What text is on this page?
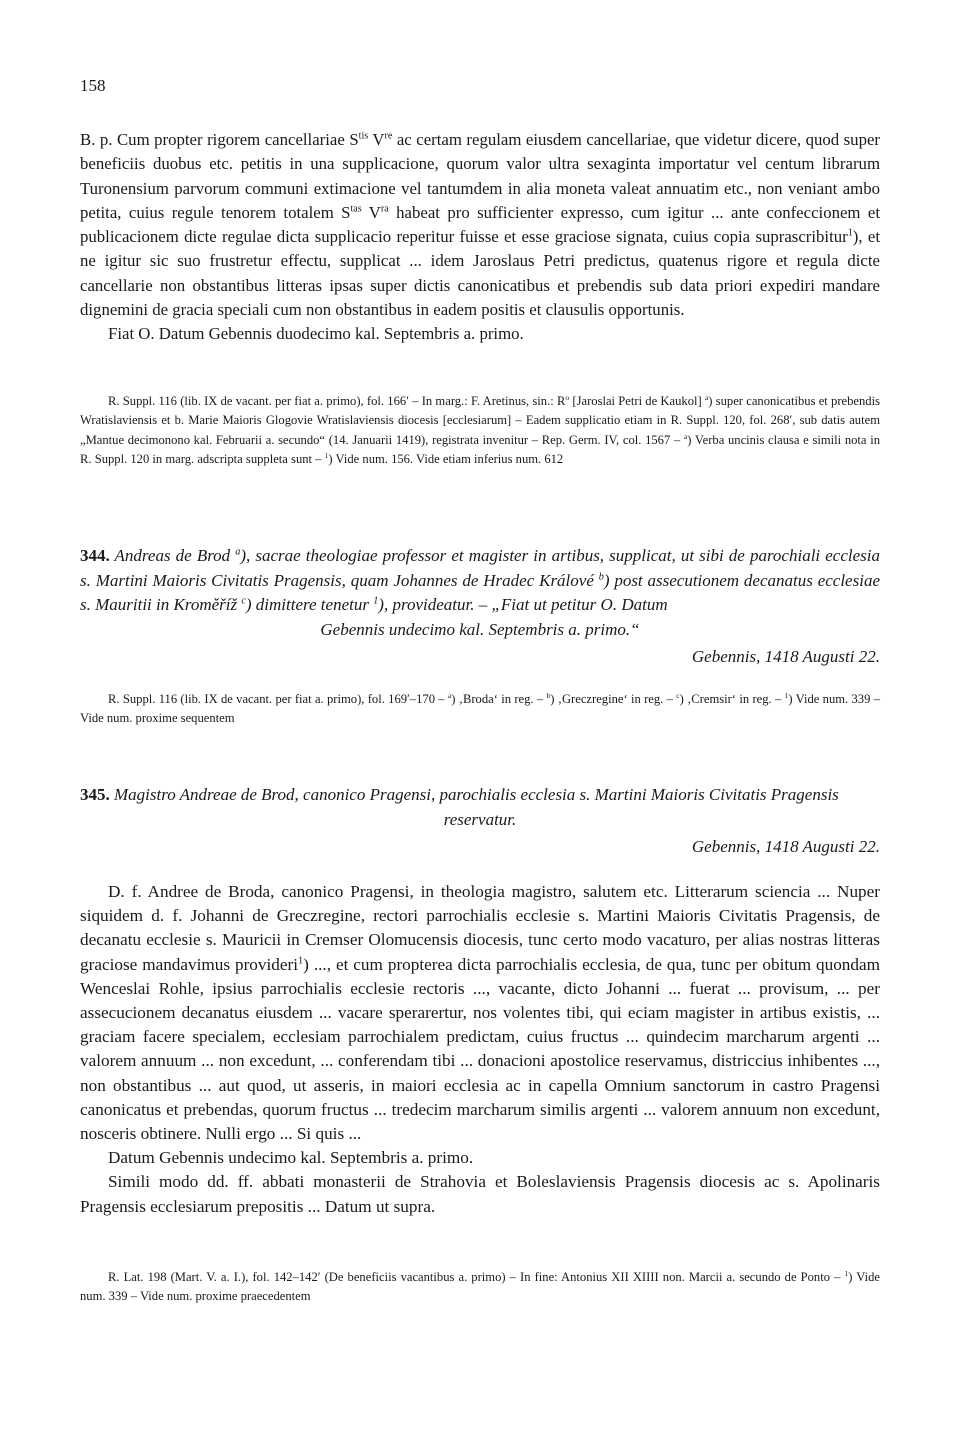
158

B. p. Cum propter rigorem cancellariae $S^{tis}$ Vre ac certam regulam eiusdem cancellariae, que videtur dicere, quod super beneficiis duobus etc. petitis in una supplicacione, quorum valor ultra sexaginta importatur vel centum librarum Turonensium parvorum communi extimacione vel tantumdem in alia moneta valeat annuatim etc., non veniant ambo petita, cuius regule tenorem totalem $S^{tas}$ $V^{ra}$ habeat pro sufficienter expresso, cum igitur ... ante confeccionem et publicacionem dicte regulae dicta supplicacio reperitur fuisse et esse graciose signata, cuius copia suprascribitur$^1$), et ne igitur sic suo frustretur effectu, supplicat ... idem Jaroslaus Petri predictus, quatenus rigore et regula dicte cancellarie non obstantibus litteras ipsas super dictis canonicatibus et prebendis sub data priori expediri mandare dignemini de gracia speciali cum non obstantibus in eadem positis et clausulis opportunis.

Fiat O. Datum Gebennis duodecimo kal. Septembris a. primo.

R. Suppl. 116 (lib. IX de vacant. per fiat a. primo), fol. 166′ – In marg.: F. Aretinus, sin.: $R^o$ [Jaroslai Petri de Kaukol] $^a$) super canonicatibus et prebendis Wratislaviensis et b. Marie Maioris Glogovie Wratislaviensis diocesis [ecclesiarum] – Eadem supplicatio etiam in R. Suppl. 120, fol. 268′, sub datis autem „Mantue decimonono kal. Februarii a. secundo“ (14. Januarii 1419), registrata invenitur – Rep. Germ. IV, col. 1567 – $^a$) Verba uncinis clausa e simili nota in R. Suppl. 120 in marg. adscripta suppleta sunt – $^1$) Vide num. 156. Vide etiam inferius num. 612

344. Andreas de Brod $^a$), sacrae theologiae professor et magister in artibus, supplicat, ut sibi de parochiali ecclesia s. Martini Maioris Civitatis Pragensis, quam Johannes de Hradec Králové $^b$) post assecutionem decanatus ecclesiae s. Mauritii in Kroměříž $^c$) dimittere tenetur $^1$), provideatur. – „Fiat ut petitur O. Datum
Gebennis undecimo kal. Septembris a. primo.“
Gebennis, 1418 Augusti 22.

R. Suppl. 116 (lib. IX de vacant. per fiat a. primo), fol. 169′–170 – $^a$) ‚Broda‘ in reg. – $^b$) ‚Greczregine‘ in reg. – $^c$) ‚Cremsir‘ in reg. – $^1$) Vide num. 339 – Vide num. proxime sequentem

345. Magistro Andreae de Brod, canonico Pragensi, parochialis ecclesia s. Martini Maioris Civitatis Pragensis
reservatur.
Gebennis, 1418 Augusti 22.

D. f. Andree de Broda, canonico Pragensi, in theologia magistro, salutem etc. Litterarum sciencia ... Nuper siquidem d. f. Johanni de Greczregine, rectori parrochialis ecclesie s. Martini Maioris Civitatis Pragensis, de decanatu ecclesie s. Mauricii in Cremser Olomucensis diocesis, tunc certo modo vacaturo, per alias nostras litteras graciose mandavimus provideri$^1$) ..., et cum propterea dicta parrochialis ecclesia, de qua, tunc per obitum quondam Wenceslai Rohle, ipsius parrochialis ecclesie rectoris ..., vacante, dicto Johanni ... fuerat ... provisum, ... per assecucionem decanatus eiusdem ... vacare sperarertur, nos volentes tibi, qui eciam magister in artibus existis, ... graciam facere specialem, ecclesiam parrochialem predictam, cuius fructus ... quindecim marcharum argenti ... valorem annuum ... non excedunt, ... conferendam tibi ... donacioni apostolice reservamus, districcius inhibentes ..., non obstantibus ... aut quod, ut asseris, in maiori ecclesia ac in capella Omnium sanctorum in castro Pragensi canonicatus et prebendas, quorum fructus ... tredecim marcharum similis argenti ... valorem annuum non excedunt, nosceris obtinere. Nulli ergo ... Si quis ...

Datum Gebennis undecimo kal. Septembris a. primo.

Simili modo dd. ff. abbati monasterii de Strahovia et Boleslaviensis Pragensis diocesis ac s. Apolinaris Pragensis ecclesiarum prepositis ... Datum ut supra.

R. Lat. 198 (Mart. V. a. I.), fol. 142–142′ (De beneficiis vacantibus a. primo) – In fine: Antonius XII XIIII non. Marcii a. secundo de Ponto – $^1$) Vide num. 339 – Vide num. proxime praecedentem
